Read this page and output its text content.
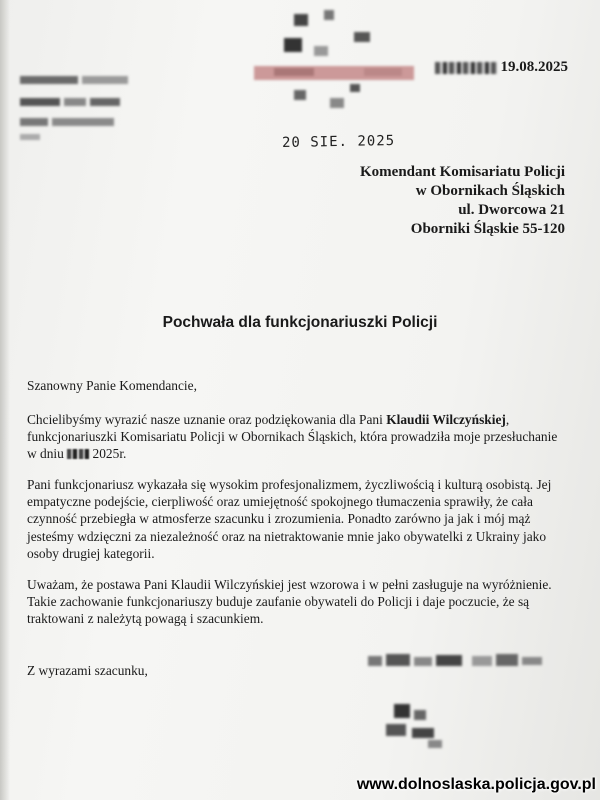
19.08.2025
20 SIE. 2025
Komendant Komisariatu Policji
w Obornikach Śląskich
ul. Dworcowa 21
Oborniki Śląskie 55-120
Pochwała dla funkcjonariuszki Policji
Szanowny Panie Komendancie,

Chcielibyśmy wyrazić nasze uznanie oraz podziękowania dla Pani Klaudii Wilczyńskiej, funkcjonariuszki Komisariatu Policji w Obornikach Śląskich, która prowadziła moje przesłuchanie w dniu  2025r.

Pani funkcjonariusz wykazała się wysokim profesjonalizmem, życzliwością i kulturą osobistą. Jej empatyczne podejście, cierpliwość oraz umiejętność spokojnego tłumaczenia sprawiły, że cała czynność przebiegła w atmosferze szacunku i zrozumienia. Ponadto zarówno ja jak i mój mąż jesteśmy wdzięczni za niezależność oraz na nietraktowanie mnie jako obywatelki z Ukrainy jako osoby drugiej kategorii.

Uważam, że postawa Pani Klaudii Wilczyńskiej jest wzorowa i w pełni zasługuje na wyróżnienie. Takie zachowanie funkcjonariuszy buduje zaufanie obywateli do Policji i daje poczucie, że są traktowani z należytą powagą i szacunkiem.

Z wyrazami szacunku,
www.dolnoslaska.policja.gov.pl
